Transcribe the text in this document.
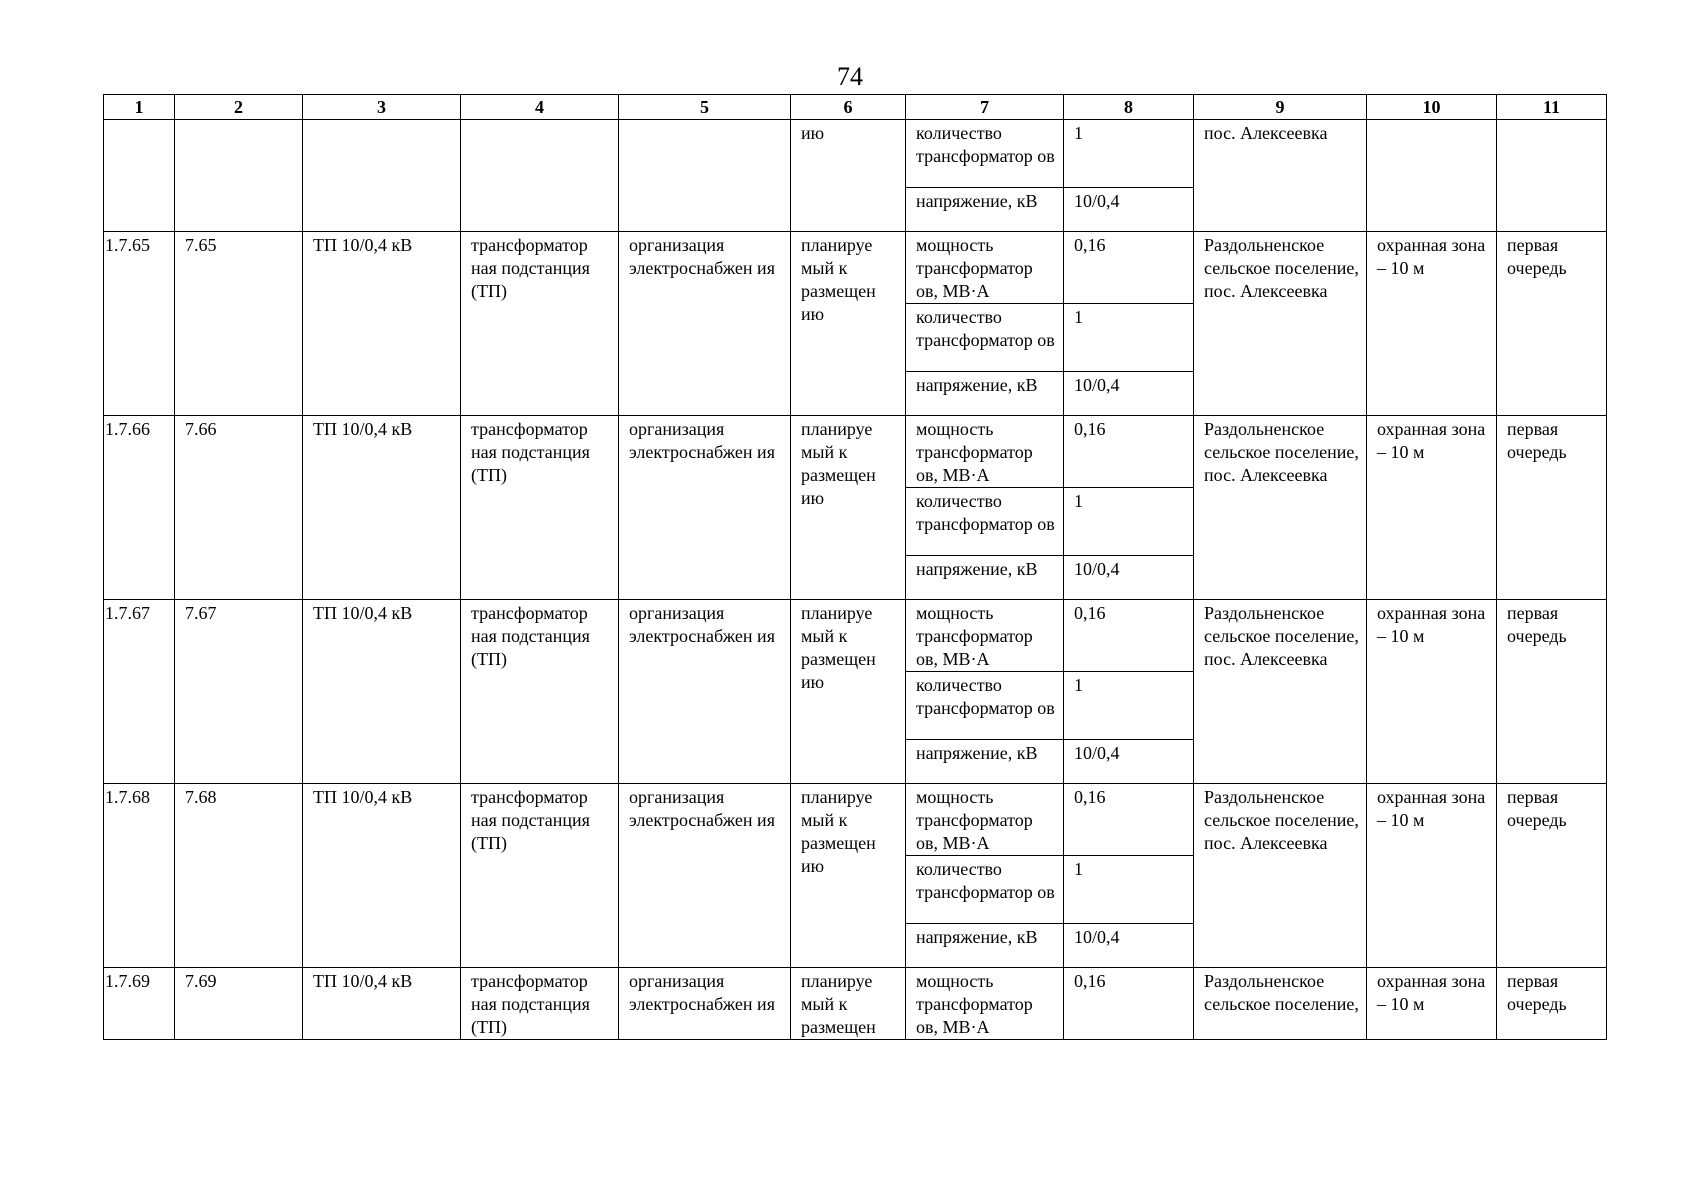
74
1	2	3	4	5	6	7	8	9	10	11
					ию	количество трансформатор ов	1	пос. Алексеевка		
						напряжение, кВ	10/0,4			
1.7.65	7.65	ТП 10/0,4 кВ	трансформатор ная подстанция (ТП)	организация электроснабжен ия	планируе мый к размещен ию	мощность трансформатор ов, МВ·А	0,16	Раздольненское сельское поселение, пос. Алексеевка	охранная зона – 10 м	первая очередь
						количество трансформатор ов	1			
						напряжение, кВ	10/0,4			
1.7.66	7.66	ТП 10/0,4 кВ	трансформатор ная подстанция (ТП)	организация электроснабжен ия	планируе мый к размещен ию	мощность трансформатор ов, МВ·А	0,16	Раздольненское сельское поселение, пос. Алексеевка	охранная зона – 10 м	первая очередь
						количество трансформатор ов	1			
						напряжение, кВ	10/0,4			
1.7.67	7.67	ТП 10/0,4 кВ	трансформатор ная подстанция (ТП)	организация электроснабжен ия	планируе мый к размещен ию	мощность трансформатор ов, МВ·А	0,16	Раздольненское сельское поселение, пос. Алексеевка	охранная зона – 10 м	первая очередь
						количество трансформатор ов	1			
						напряжение, кВ	10/0,4			
1.7.68	7.68	ТП 10/0,4 кВ	трансформатор ная подстанция (ТП)	организация электроснабжен ия	планируе мый к размещен ию	мощность трансформатор ов, МВ·А	0,16	Раздольненское сельское поселение, пос. Алексеевка	охранная зона – 10 м	первая очередь
						количество трансформатор ов	1			
						напряжение, кВ	10/0,4			
1.7.69	7.69	ТП 10/0,4 кВ	трансформатор ная подстанция (ТП)	организация электроснабжен ия	планируе мый к размещен	мощность трансформатор ов, МВ·А	0,16	Раздольненское сельское поселение,	охранная зона – 10 м	первая очередь
